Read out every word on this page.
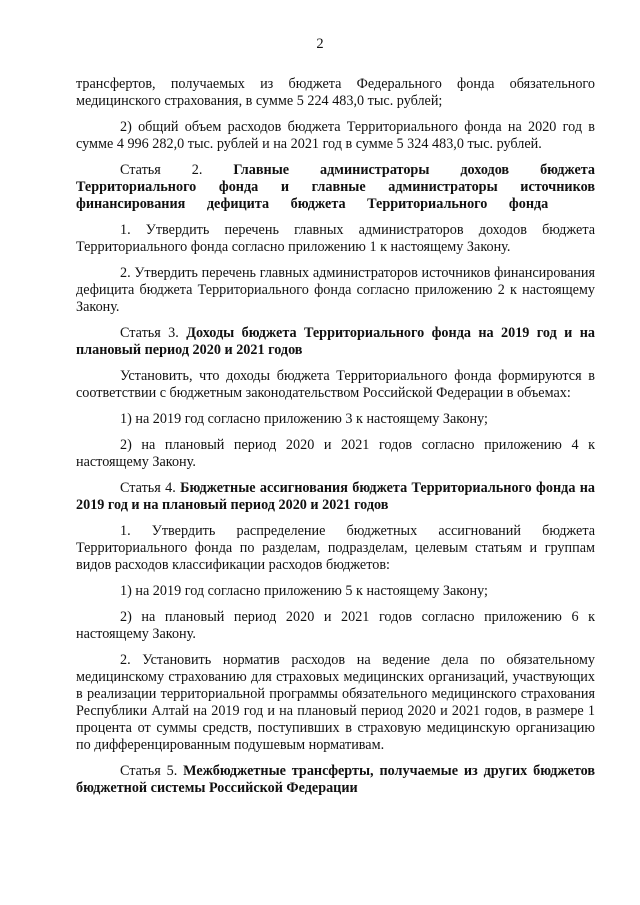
2

трансфертов, получаемых из бюджета Федерального фонда обязательного медицинского страхования, в сумме 5 224 483,0 тыс. рублей;

2) общий объем расходов бюджета Территориального фонда на 2020 год в сумме 4 996 282,0 тыс. рублей и на 2021 год в сумме 5 324 483,0 тыс. рублей.

Статья 2. Главные администраторы доходов бюджета Территориального фонда и главные администраторы источников финансирования дефицита бюджета Территориального фонда

1. Утвердить перечень главных администраторов доходов бюджета Территориального фонда согласно приложению 1 к настоящему Закону.

2. Утвердить перечень главных администраторов источников финансирования дефицита бюджета Территориального фонда согласно приложению 2 к настоящему Закону.

Статья 3. Доходы бюджета Территориального фонда на 2019 год и на плановый период 2020 и 2021 годов

Установить, что доходы бюджета Территориального фонда формируются в соответствии с бюджетным законодательством Российской Федерации в объемах:

1) на 2019 год согласно приложению 3 к настоящему Закону;

2) на плановый период 2020 и 2021 годов согласно приложению 4 к настоящему Закону.

Статья 4. Бюджетные ассигнования бюджета Территориального фонда на 2019 год и на плановый период 2020 и 2021 годов

1. Утвердить распределение бюджетных ассигнований бюджета Территориального фонда по разделам, подразделам, целевым статьям и группам видов расходов классификации расходов бюджетов:

1) на 2019 год согласно приложению 5 к настоящему Закону;

2) на плановый период 2020 и 2021 годов согласно приложению 6 к настоящему Закону.

2. Установить норматив расходов на ведение дела по обязательному медицинскому страхованию для страховых медицинских организаций, участвующих в реализации территориальной программы обязательного медицинского страхования Республики Алтай на 2019 год и на плановый период 2020 и 2021 годов, в размере 1 процента от суммы средств, поступивших в страховую медицинскую организацию по дифференцированным подушевым нормативам.

Статья 5. Межбюджетные трансферты, получаемые из других бюджетов бюджетной системы Российской Федерации
